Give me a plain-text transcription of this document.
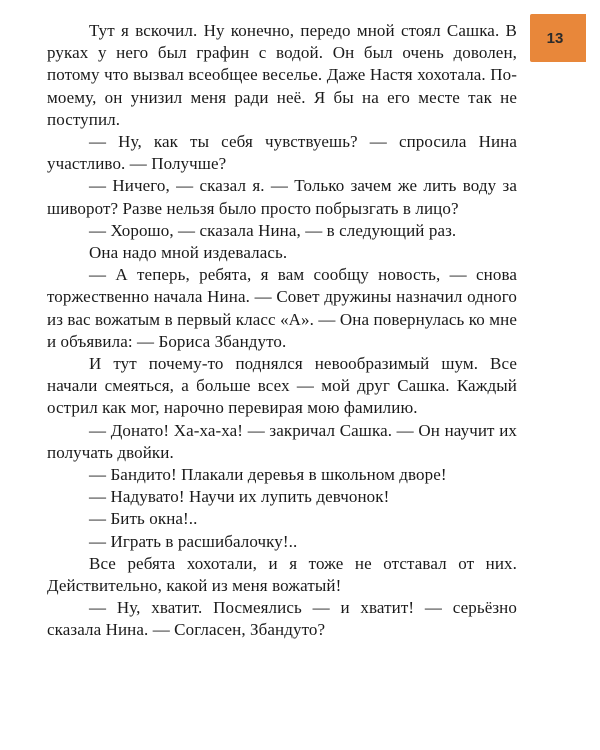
13

Тут я вскочил. Ну конечно, передо мной стоял Сашка. В руках у него был графин с водой. Он был очень доволен, потому что вызвал всеобщее веселье. Даже Настя хохотала. По-моему, он унизил меня ради неё. Я бы на его месте так не поступил.

— Ну, как ты себя чувствуешь? — спросила Нина участливо. — Получше?

— Ничего, — сказал я. — Только зачем же лить воду за шиворот? Разве нельзя было просто побрызгать в лицо?

— Хорошо, — сказала Нина, — в следующий раз.

Она надо мной издевалась.

— А теперь, ребята, я вам сообщу новость, — снова торжественно начала Нина. — Совет дружины назначил одного из вас вожатым в первый класс «А». — Она повернулась ко мне и объявила: — Бориса Збандуто.

И тут почему-то поднялся невообразимый шум. Все начали смеяться, а больше всех — мой друг Сашка. Каждый острил как мог, нарочно перевирая мою фамилию.

— Донато! Ха-ха-ха! — закричал Сашка. — Он научит их получать двойки.

— Бандито! Плакали деревья в школьном дворе!

— Надувато! Научи их лупить девчонок!

— Бить окна!..

— Играть в расшибалочку!..

Все ребята хохотали, и я тоже не отставал от них. Действительно, какой из меня вожатый!

— Ну, хватит. Посмеялись — и хватит! — серьёзно сказала Нина. — Согласен, Збандуто?
